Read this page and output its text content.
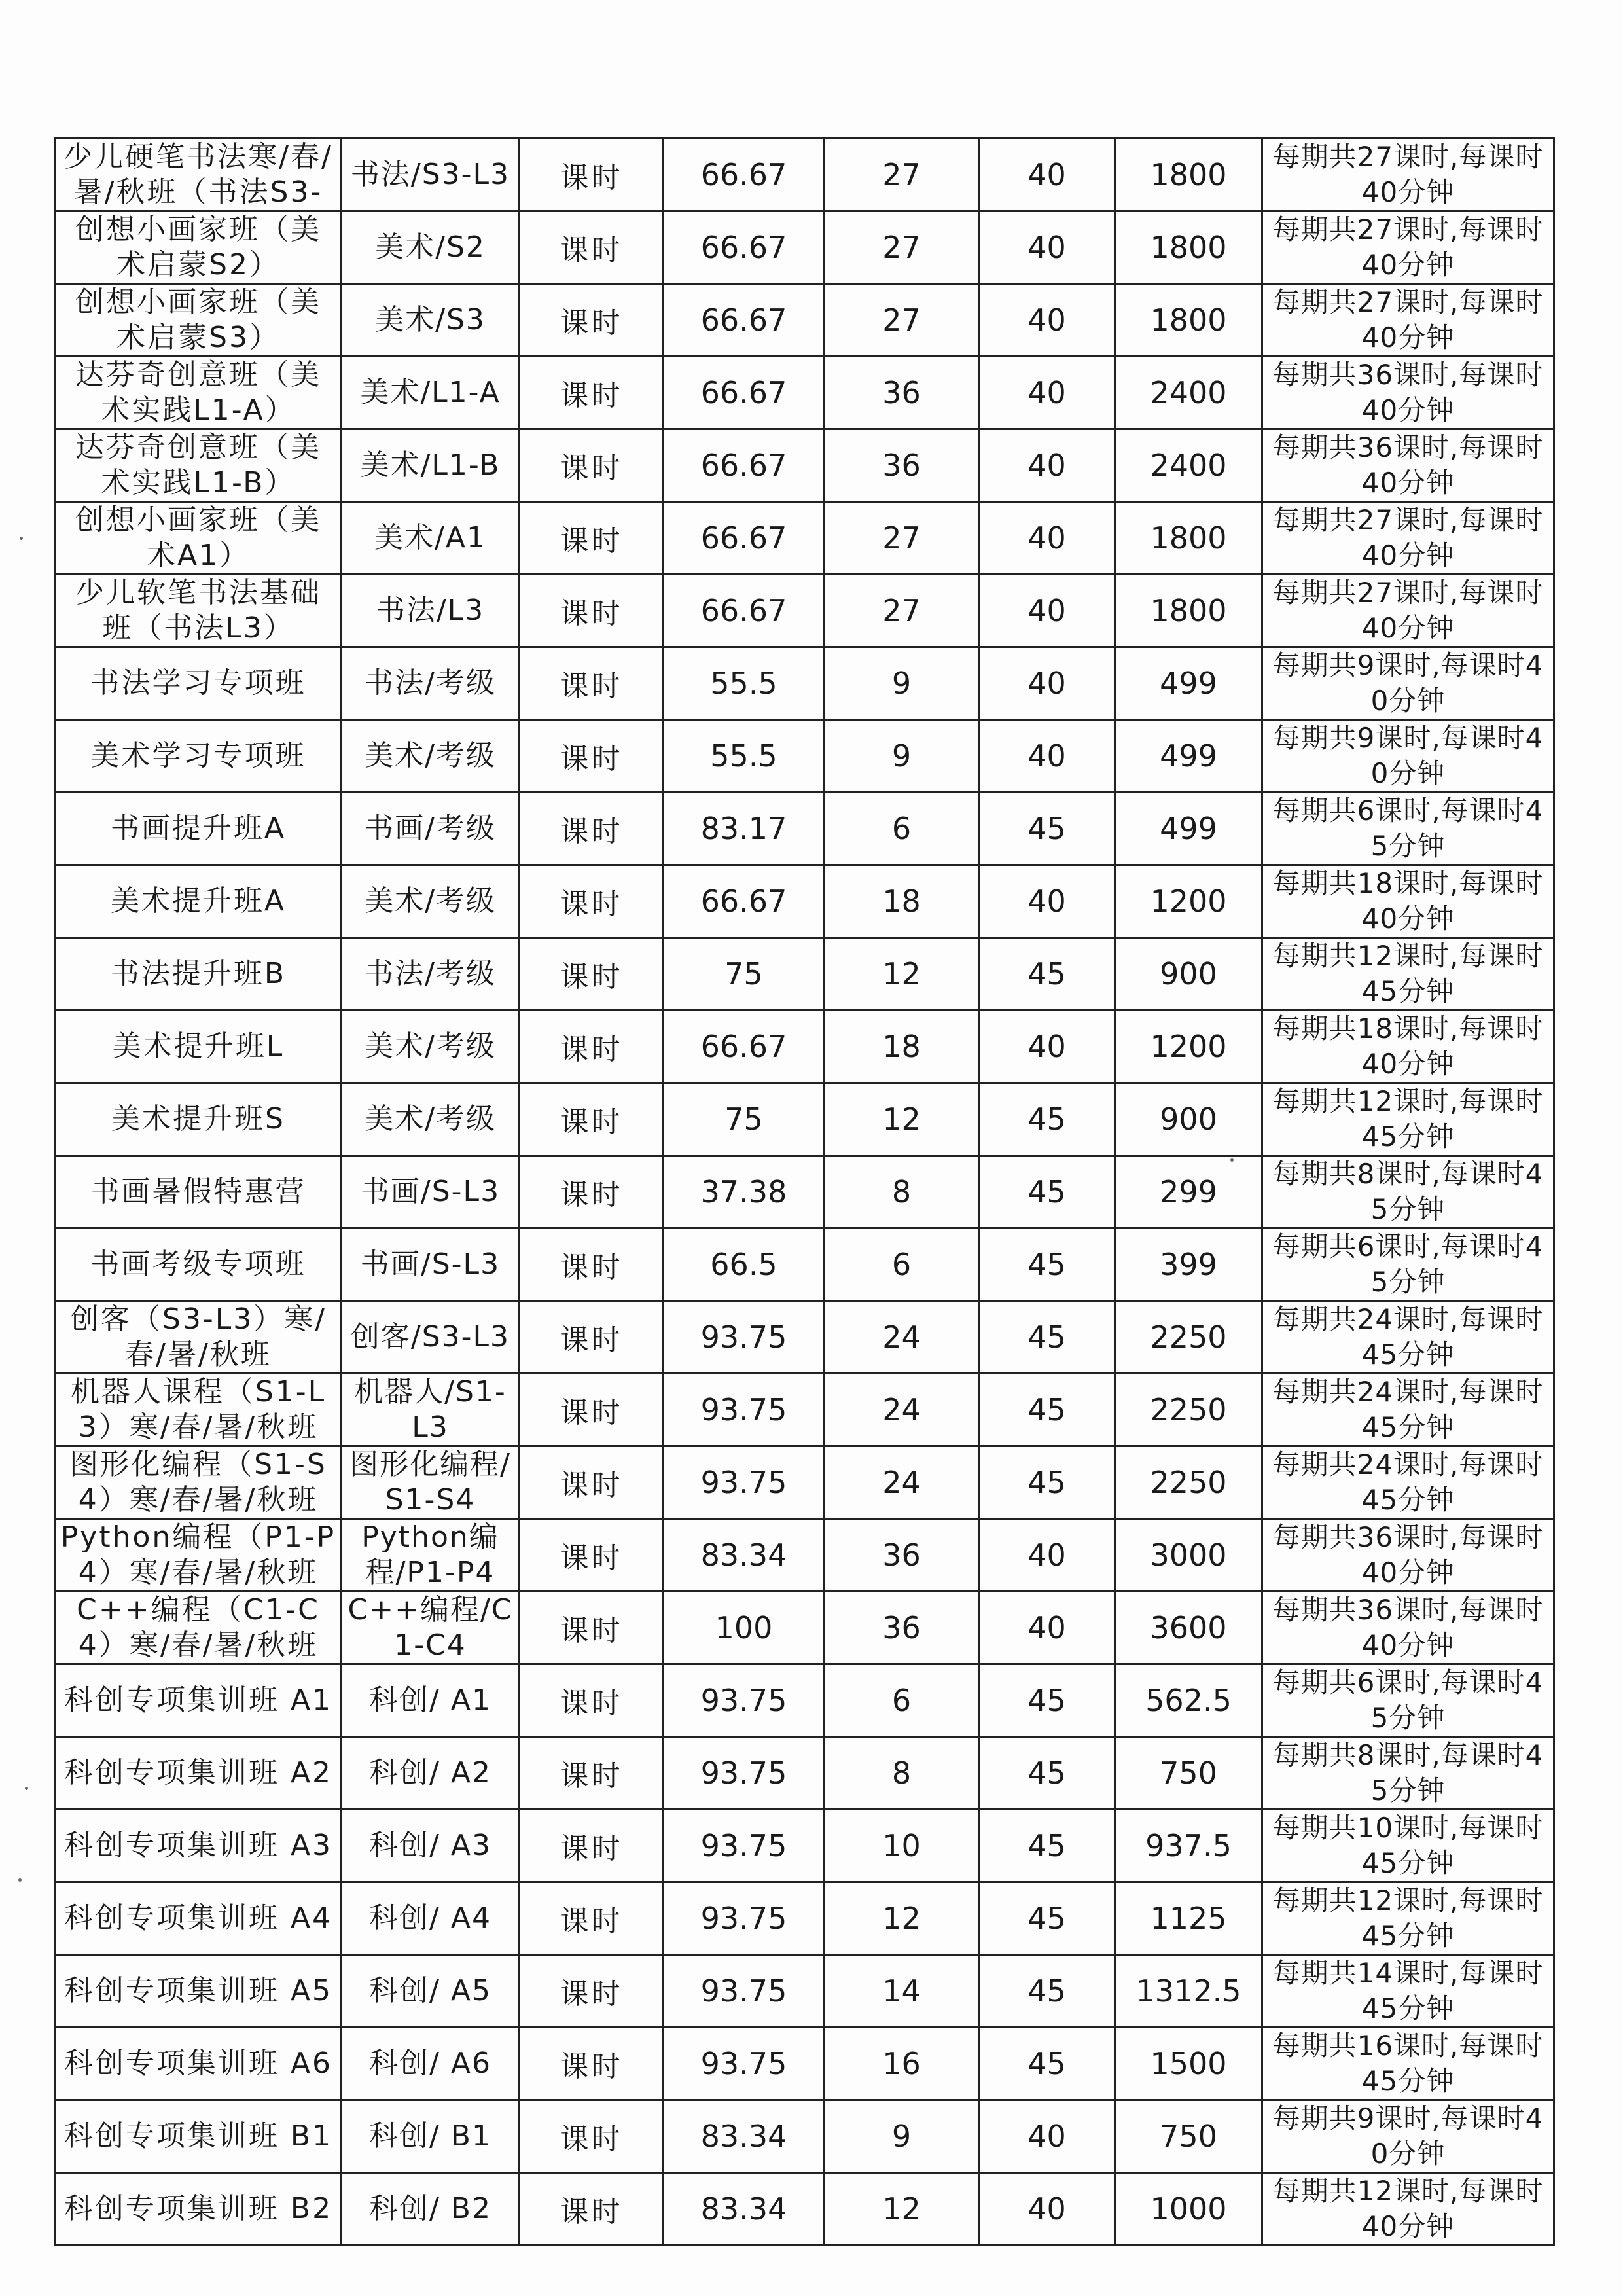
少儿硬笔书法寒/春/暑/秋班（书法S3-	书法/S3-L3	课时	66.67	27	40	1800	每期共27课时,每课时40分钟

创想小画家班（美术启蒙S2）	美术/S2	课时	66.67	27	40	1800	每期共27课时,每课时40分钟

创想小画家班（美术启蒙S3）	美术/S3	课时	66.67	27	40	1800	每期共27课时,每课时40分钟

达芬奇创意班（美术实践L1-A）	美术/L1-A	课时	66.67	36	40	2400	每期共36课时,每课时40分钟

达芬奇创意班（美术实践L1-B）	美术/L1-B	课时	66.67	36	40	2400	每期共36课时,每课时40分钟

创想小画家班（美术A1）	美术/A1	课时	66.67	27	40	1800	每期共27课时,每课时40分钟

少儿软笔书法基础班（书法L3）	书法/L3	课时	66.67	27	40	1800	每期共27课时,每课时40分钟

书法学习专项班	书法/考级	课时	55.5	9	40	499	每期共9课时,每课时40分钟

美术学习专项班	美术/考级	课时	55.5	9	40	499	每期共9课时,每课时40分钟

书画提升班A	书画/考级	课时	83.17	6	45	499	每期共6课时,每课时45分钟

美术提升班A	美术/考级	课时	66.67	18	40	1200	每期共18课时,每课时40分钟

书法提升班B	书法/考级	课时	75	12	45	900	每期共12课时,每课时45分钟

美术提升班L	美术/考级	课时	66.67	18	40	1200	每期共18课时,每课时40分钟

美术提升班S	美术/考级	课时	75	12	45	900	每期共12课时,每课时45分钟

书画暑假特惠营	书画/S-L3	课时	37.38	8	45	299	每期共8课时,每课时45分钟

书画考级专项班	书画/S-L3	课时	66.5	6	45	399	每期共6课时,每课时45分钟

创客（S3-L3）寒/春/暑/秋班	创客/S3-L3	课时	93.75	24	45	2250	每期共24课时,每课时45分钟

机器人课程（S1-L3）寒/春/暑/秋班	机器人/S1-L3	课时	93.75	24	45	2250	每期共24课时,每课时45分钟

图形化编程（S1-S4）寒/春/暑/秋班	图形化编程/S1-S4	课时	93.75	24	45	2250	每期共24课时,每课时45分钟

Python编程（P1-P4）寒/春/暑/秋班	Python编程/P1-P4	课时	83.34	36	40	3000	每期共36课时,每课时40分钟

C++编程（C1-C4）寒/春/暑/秋班	C++编程/C1-C4	课时	100	36	40	3600	每期共36课时,每课时40分钟

科创专项集训班 A1	科创/ A1	课时	93.75	6	45	562.5	每期共6课时,每课时45分钟

科创专项集训班 A2	科创/ A2	课时	93.75	8	45	750	每期共8课时,每课时45分钟

科创专项集训班 A3	科创/ A3	课时	93.75	10	45	937.5	每期共10课时,每课时45分钟

科创专项集训班 A4	科创/ A4	课时	93.75	12	45	1125	每期共12课时,每课时45分钟

科创专项集训班 A5	科创/ A5	课时	93.75	14	45	1312.5	每期共14课时,每课时45分钟

科创专项集训班 A6	科创/ A6	课时	93.75	16	45	1500	每期共16课时,每课时45分钟

科创专项集训班 B1	科创/ B1	课时	83.34	9	40	750	每期共9课时,每课时40分钟

科创专项集训班 B2	科创/ B2	课时	83.34	12	40	1000	每期共12课时,每课时40分钟
